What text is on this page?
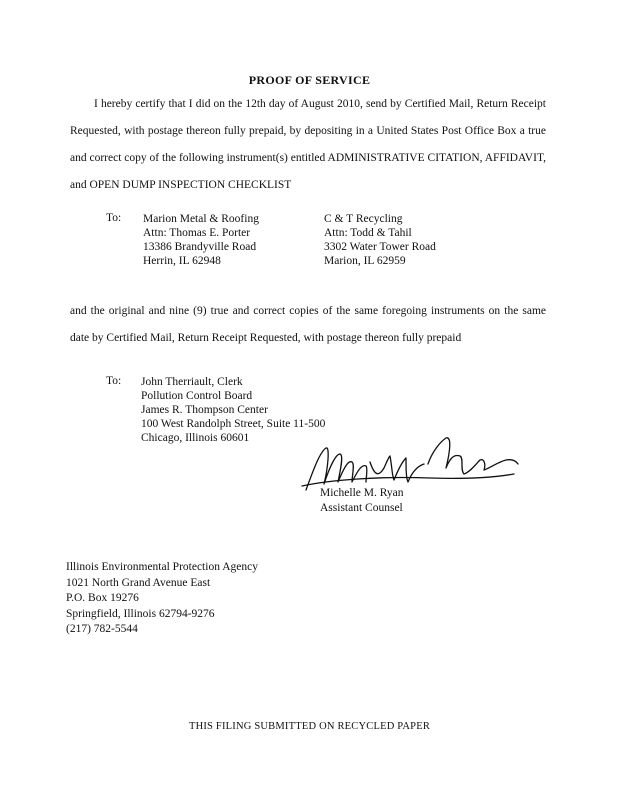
PROOF OF SERVICE
I hereby certify that I did on the 12th day of August 2010, send by Certified Mail, Return Receipt Requested, with postage thereon fully prepaid, by depositing in a United States Post Office Box a true and correct copy of the following instrument(s) entitled ADMINISTRATIVE CITATION, AFFIDAVIT, and OPEN DUMP INSPECTION CHECKLIST
To: Marion Metal & Roofing
Attn: Thomas E. Porter
13386 Brandyville Road
Herrin, IL 62948
C & T Recycling
Attn: Todd & Tahil
3302 Water Tower Road
Marion, IL 62959
and the original and nine (9) true and correct copies of the same foregoing instruments on the same date by Certified Mail, Return Receipt Requested, with postage thereon fully prepaid
To: John Therriault, Clerk
Pollution Control Board
James R. Thompson Center
100 West Randolph Street, Suite 11-500
Chicago, Illinois 60601
Michelle M. Ryan
Assistant Counsel
Illinois Environmental Protection Agency
1021 North Grand Avenue East
P.O. Box 19276
Springfield, Illinois 62794-9276
(217) 782-5544
THIS FILING SUBMITTED ON RECYCLED PAPER
